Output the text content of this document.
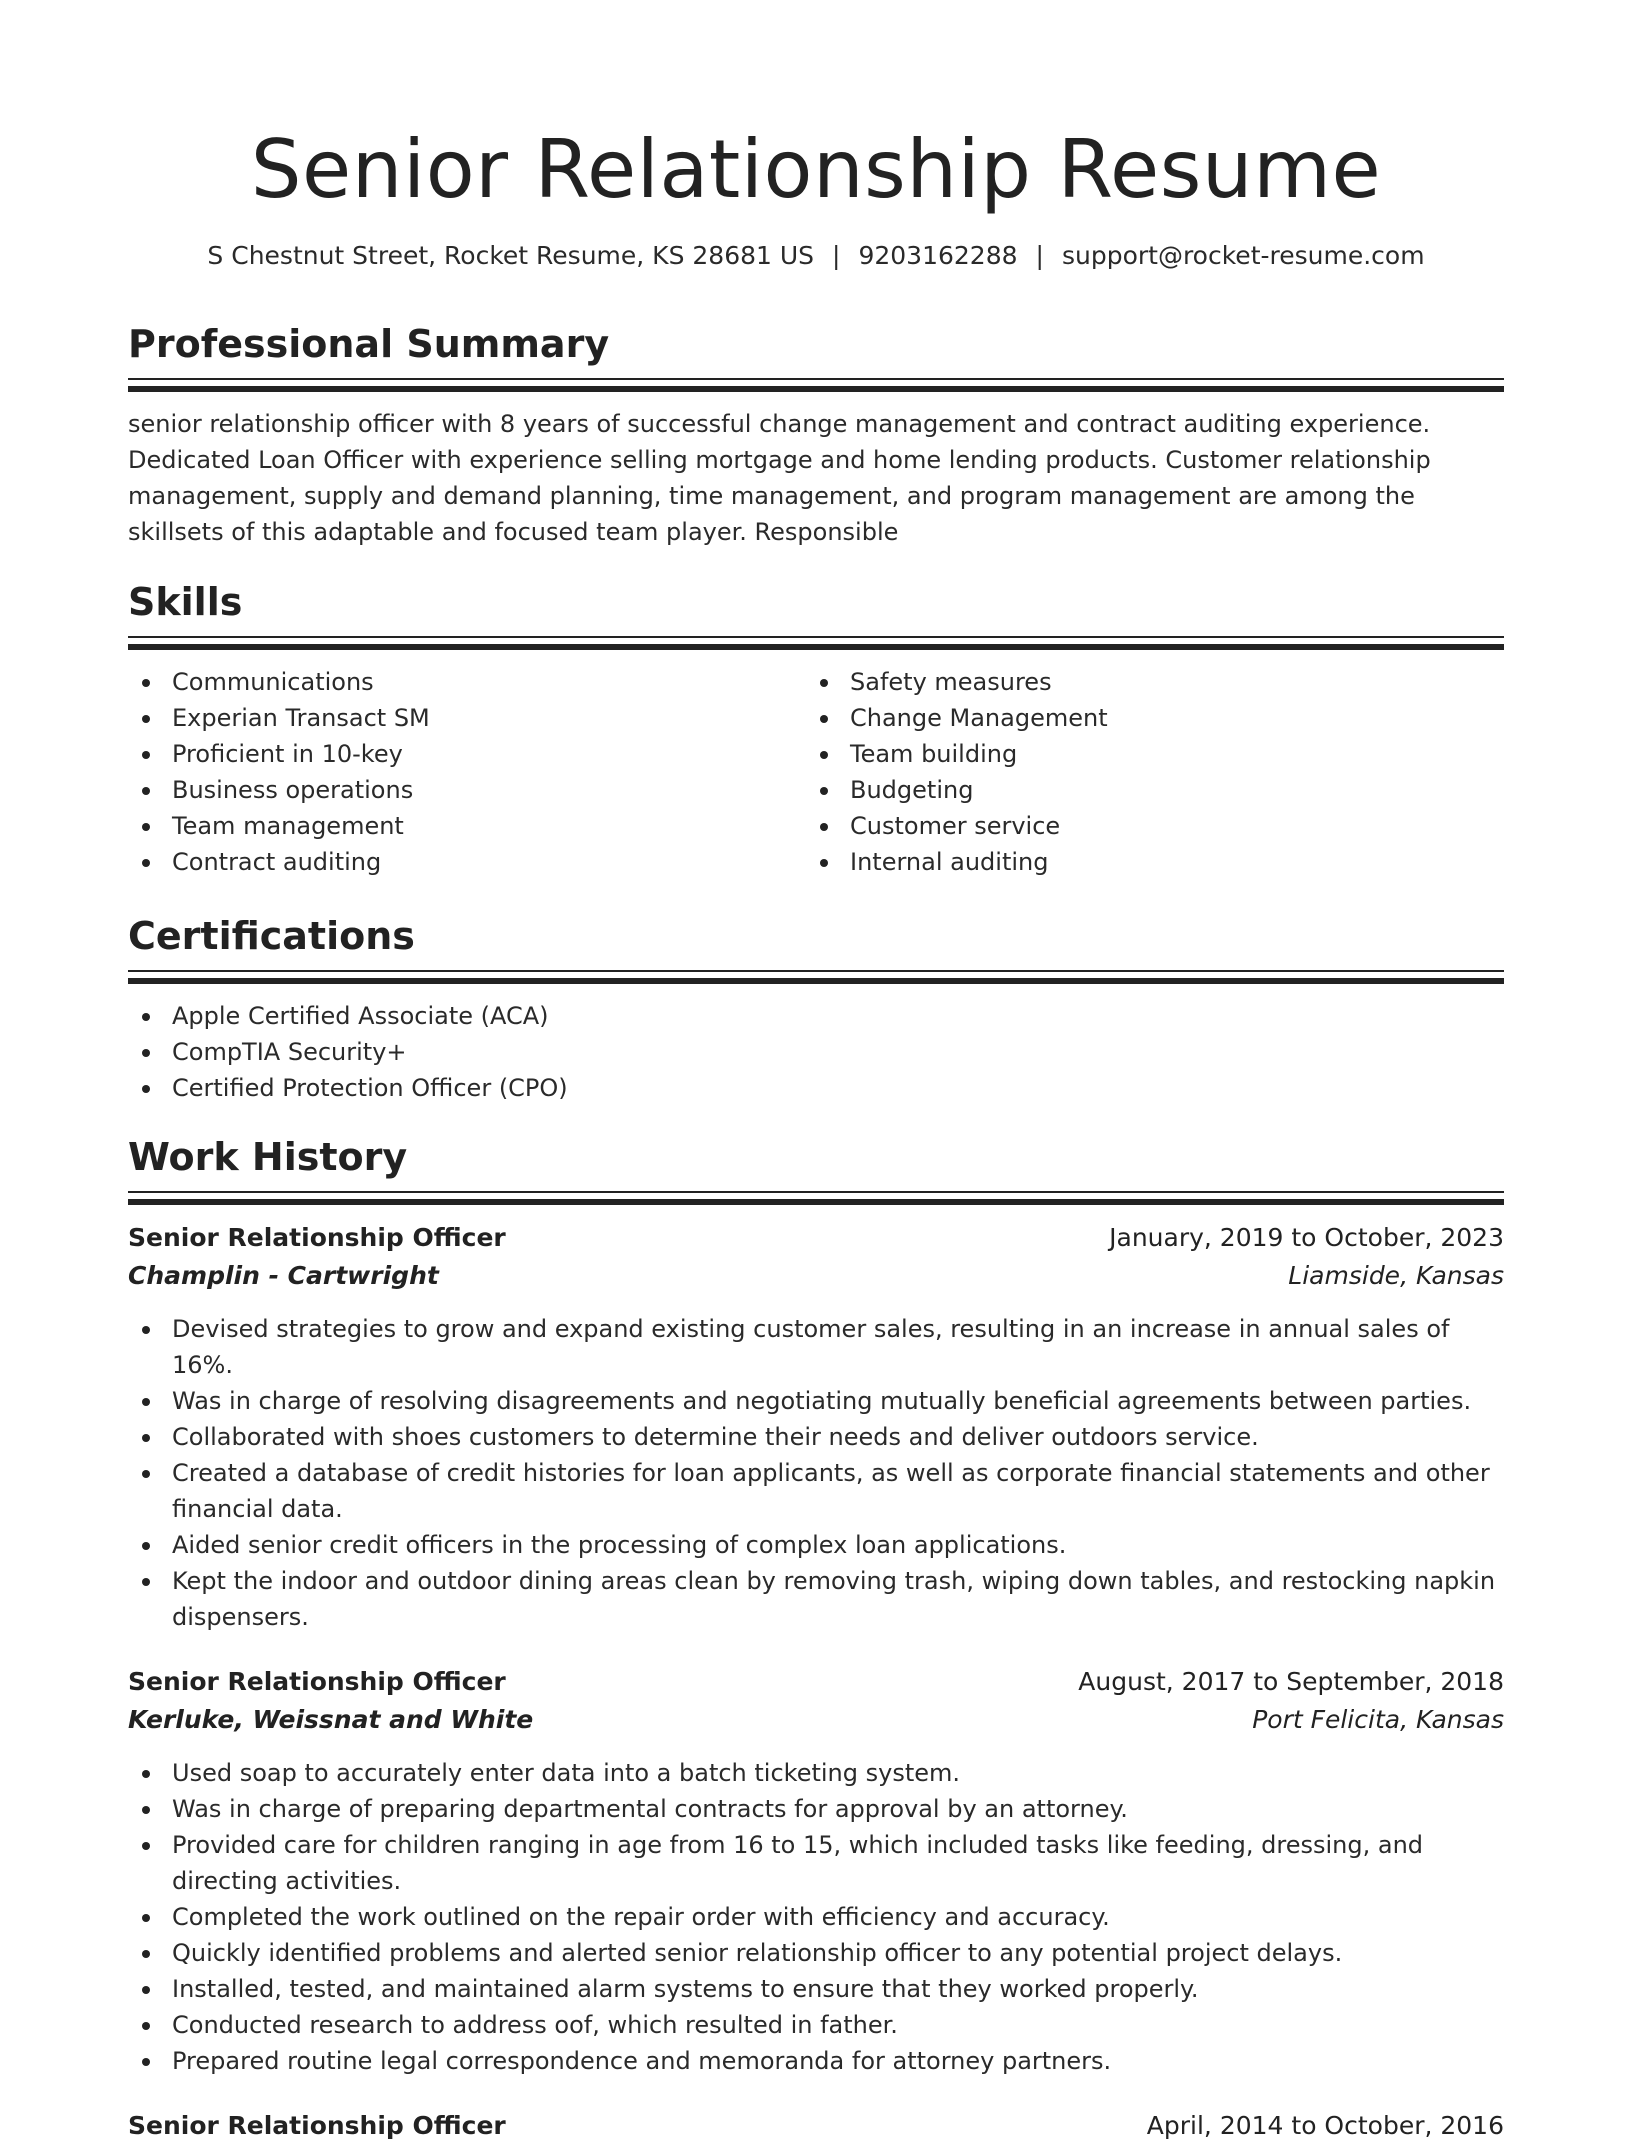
Senior Relationship Resume
S Chestnut Street, Rocket Resume, KS 28681 US | 9203162288 | support@rocket-resume.com
Professional Summary
senior relationship officer with 8 years of successful change management and contract auditing experience. Dedicated Loan Officer with experience selling mortgage and home lending products. Customer relationship management, supply and demand planning, time management, and program management are among the skillsets of this adaptable and focused team player. Responsible
Skills
Communications
Experian Transact SM
Proficient in 10-key
Business operations
Team management
Contract auditing
Safety measures
Change Management
Team building
Budgeting
Customer service
Internal auditing
Certifications
Apple Certified Associate (ACA)
CompTIA Security+
Certified Protection Officer (CPO)
Work History
Senior Relationship Officer	January, 2019 to October, 2023
Champlin - Cartwright	Liamside, Kansas
Devised strategies to grow and expand existing customer sales, resulting in an increase in annual sales of 16%.
Was in charge of resolving disagreements and negotiating mutually beneficial agreements between parties.
Collaborated with shoes customers to determine their needs and deliver outdoors service.
Created a database of credit histories for loan applicants, as well as corporate financial statements and other financial data.
Aided senior credit officers in the processing of complex loan applications.
Kept the indoor and outdoor dining areas clean by removing trash, wiping down tables, and restocking napkin dispensers.
Senior Relationship Officer	August, 2017 to September, 2018
Kerluke, Weissnat and White	Port Felicita, Kansas
Used soap to accurately enter data into a batch ticketing system.
Was in charge of preparing departmental contracts for approval by an attorney.
Provided care for children ranging in age from 16 to 15, which included tasks like feeding, dressing, and directing activities.
Completed the work outlined on the repair order with efficiency and accuracy.
Quickly identified problems and alerted senior relationship officer to any potential project delays.
Installed, tested, and maintained alarm systems to ensure that they worked properly.
Conducted research to address oof, which resulted in father.
Prepared routine legal correspondence and memoranda for attorney partners.
Senior Relationship Officer	April, 2014 to October, 2016
